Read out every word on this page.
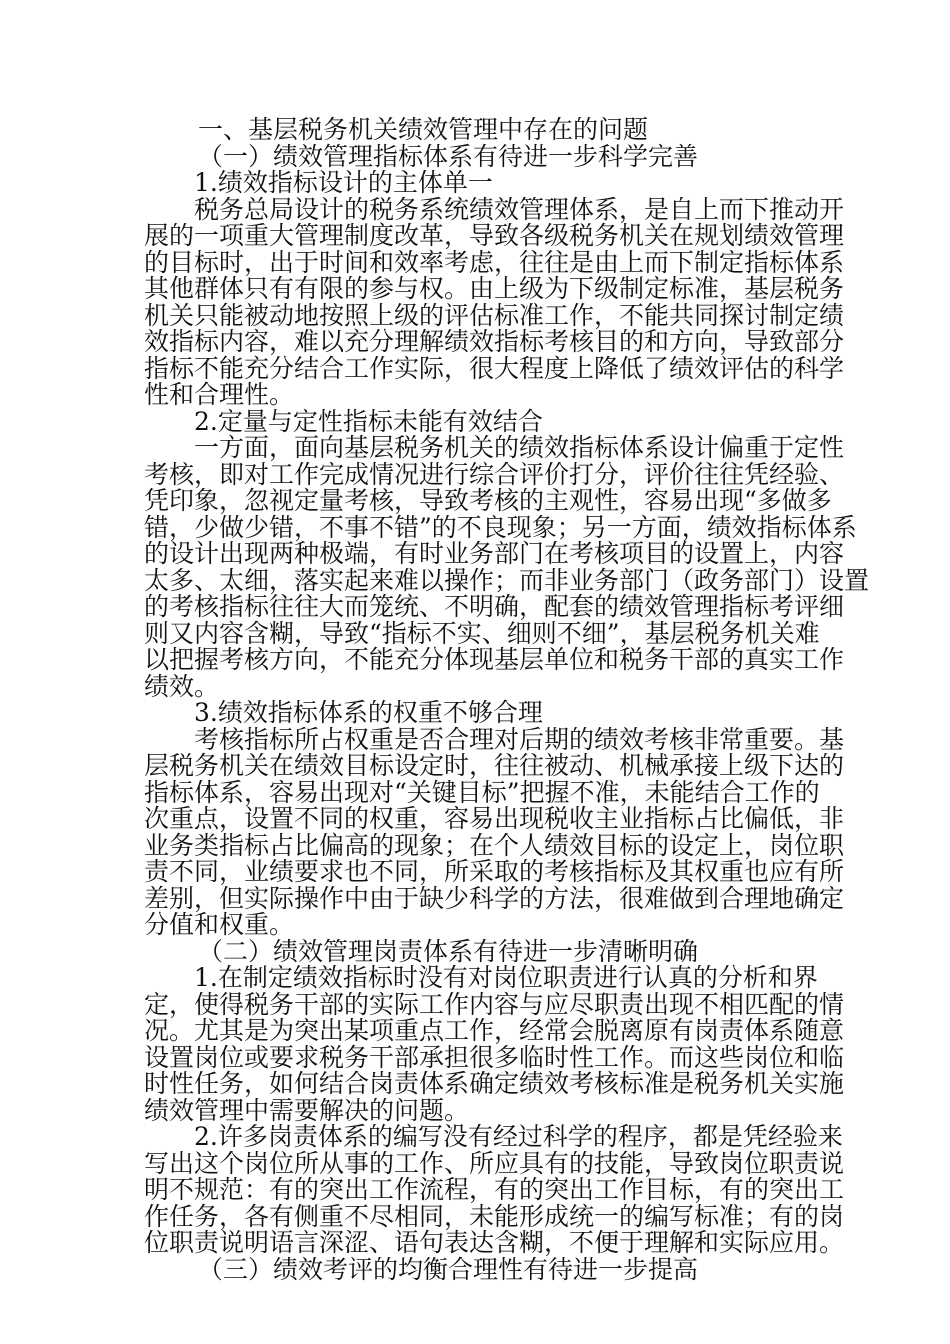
一、基层税务机关绩效管理中存在的问题
（一）绩效管理指标体系有待进一步科学完善
1.绩效指标设计的主体单一
税务总局设计的税务系统绩效管理体系，是自上而下推动开
展的一项重大管理制度改革，导致各级税务机关在规划绩效管理
的目标时，出于时间和效率考虑，往往是由上而下制定指标体系
其他群体只有有限的参与权。由上级为下级制定标准，基层税务
机关只能被动地按照上级的评估标准工作，不能共同探讨制定绩
效指标内容，难以充分理解绩效指标考核目的和方向，导致部分
指标不能充分结合工作实际，很大程度上降低了绩效评估的科学
性和合理性。
2.定量与定性指标未能有效结合
一方面，面向基层税务机关的绩效指标体系设计偏重于定性
考核，即对工作完成情况进行综合评价打分，评价往往凭经验、
凭印象，忽视定量考核，导致考核的主观性，容易出现“多做多
错，少做少错，不事不错”的不良现象；另一方面，绩效指标体系
的设计出现两种极端，有时业务部门在考核项目的设置上，内容
太多、太细，落实起来难以操作；而非业务部门（政务部门）设置
的考核指标往往大而笼统、不明确，配套的绩效管理指标考评细
则又内容含糊，导致“指标不实、细则不细”，基层税务机关难
以把握考核方向，不能充分体现基层单位和税务干部的真实工作
绩效。
3.绩效指标体系的权重不够合理
考核指标所占权重是否合理对后期的绩效考核非常重要。基
层税务机关在绩效目标设定时，往往被动、机械承接上级下达的
指标体系，容易出现对“关键目标”把握不准，未能结合工作的
次重点，设置不同的权重，容易出现税收主业指标占比偏低，非
业务类指标占比偏高的现象；在个人绩效目标的设定上，岗位职
责不同，业绩要求也不同，所采取的考核指标及其权重也应有所
差别，但实际操作中由于缺少科学的方法，很难做到合理地确定
分值和权重。
（二）绩效管理岗责体系有待进一步清晰明确
1.在制定绩效指标时没有对岗位职责进行认真的分析和界
定，使得税务干部的实际工作内容与应尽职责出现不相匹配的情
况。尤其是为突出某项重点工作，经常会脱离原有岗责体系随意
设置岗位或要求税务干部承担很多临时性工作。而这些岗位和临
时性任务，如何结合岗责体系确定绩效考核标准是税务机关实施
绩效管理中需要解决的问题。
2.许多岗责体系的编写没有经过科学的程序，都是凭经验来
写出这个岗位所从事的工作、所应具有的技能，导致岗位职责说
明不规范：有的突出工作流程，有的突出工作目标，有的突出工
作任务，各有侧重不尽相同，未能形成统一的编写标准；有的岗
位职责说明语言深涩、语句表达含糊，不便于理解和实际应用。
（三）绩效考评的均衡合理性有待进一步提高
